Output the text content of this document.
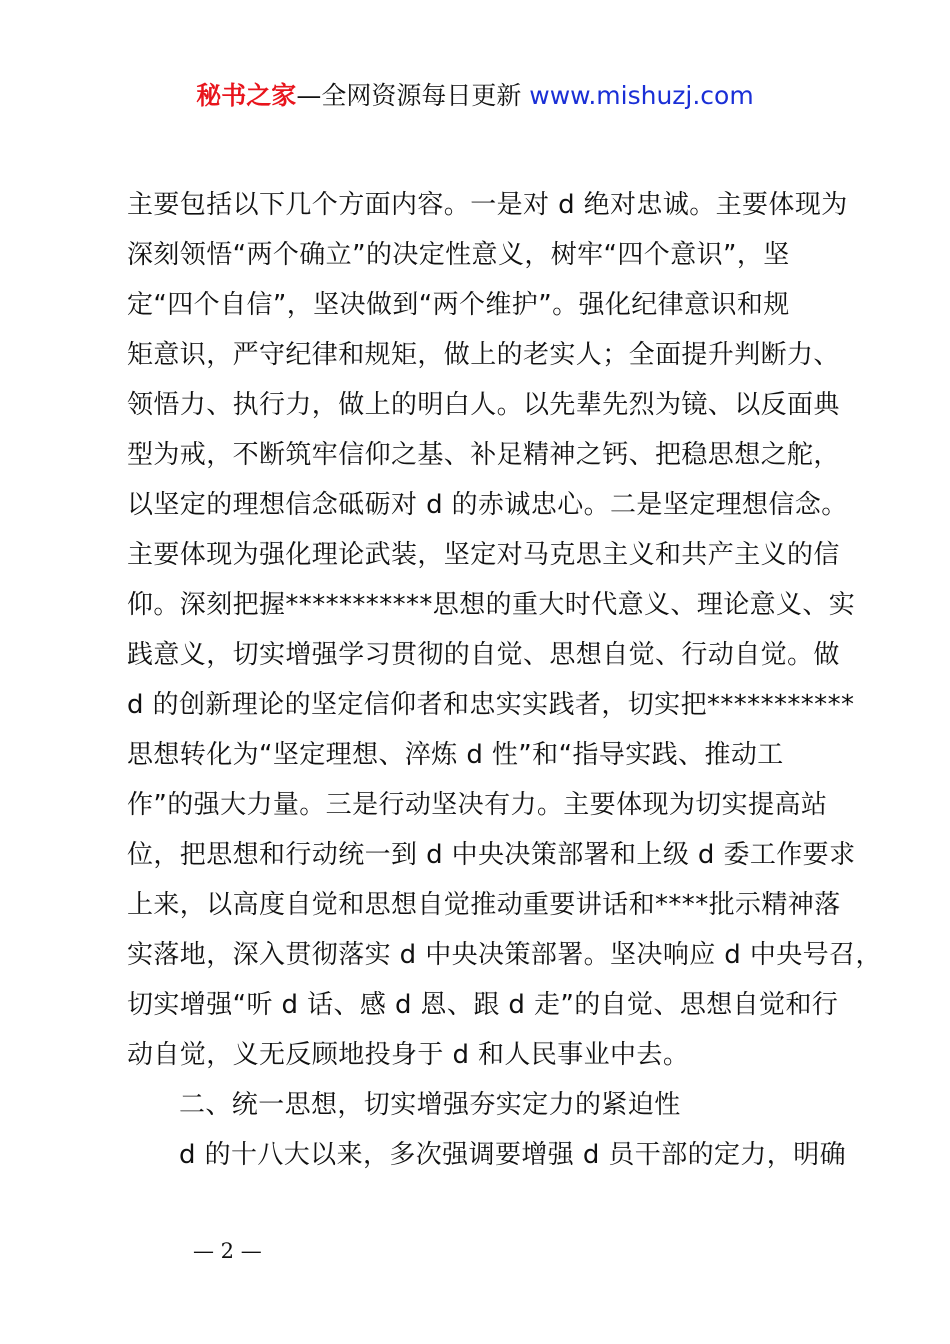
秘书之家—全网资源每日更新 www.mishuzj.com
主要包括以下几个方面内容。一是对 d 绝对忠诚。主要体现为
深刻领悟“两个确立”的决定性意义，树牢“四个意识”，坚
定“四个自信”，坚决做到“两个维护”。强化纪律意识和规
矩意识，严守纪律和规矩，做上的老实人；全面提升判断力、
领悟力、执行力，做上的明白人。以先辈先烈为镜、以反面典
型为戒，不断筑牢信仰之基、补足精神之钙、把稳思想之舵，
以坚定的理想信念砥砺对 d 的赤诚忠心。二是坚定理想信念。
主要体现为强化理论武装，坚定对马克思主义和共产主义的信
仰。深刻把握***********思想的重大时代意义、理论意义、实
践意义，切实增强学习贯彻的自觉、思想自觉、行动自觉。做
d 的创新理论的坚定信仰者和忠实实践者，切实把***********
思想转化为“坚定理想、淬炼 d 性”和“指导实践、推动工
作”的强大力量。三是行动坚决有力。主要体现为切实提高站
位，把思想和行动统一到 d 中央决策部署和上级 d 委工作要求
上来，以高度自觉和思想自觉推动重要讲话和****批示精神落
实落地，深入贯彻落实 d 中央决策部署。坚决响应 d 中央号召，
切实增强“听 d 话、感 d 恩、跟 d 走”的自觉、思想自觉和行
动自觉，义无反顾地投身于 d 和人民事业中去。
二、统一思想，切实增强夯实定力的紧迫性
d 的十八大以来，多次强调要增强 d 员干部的定力，明确
— 2 —
